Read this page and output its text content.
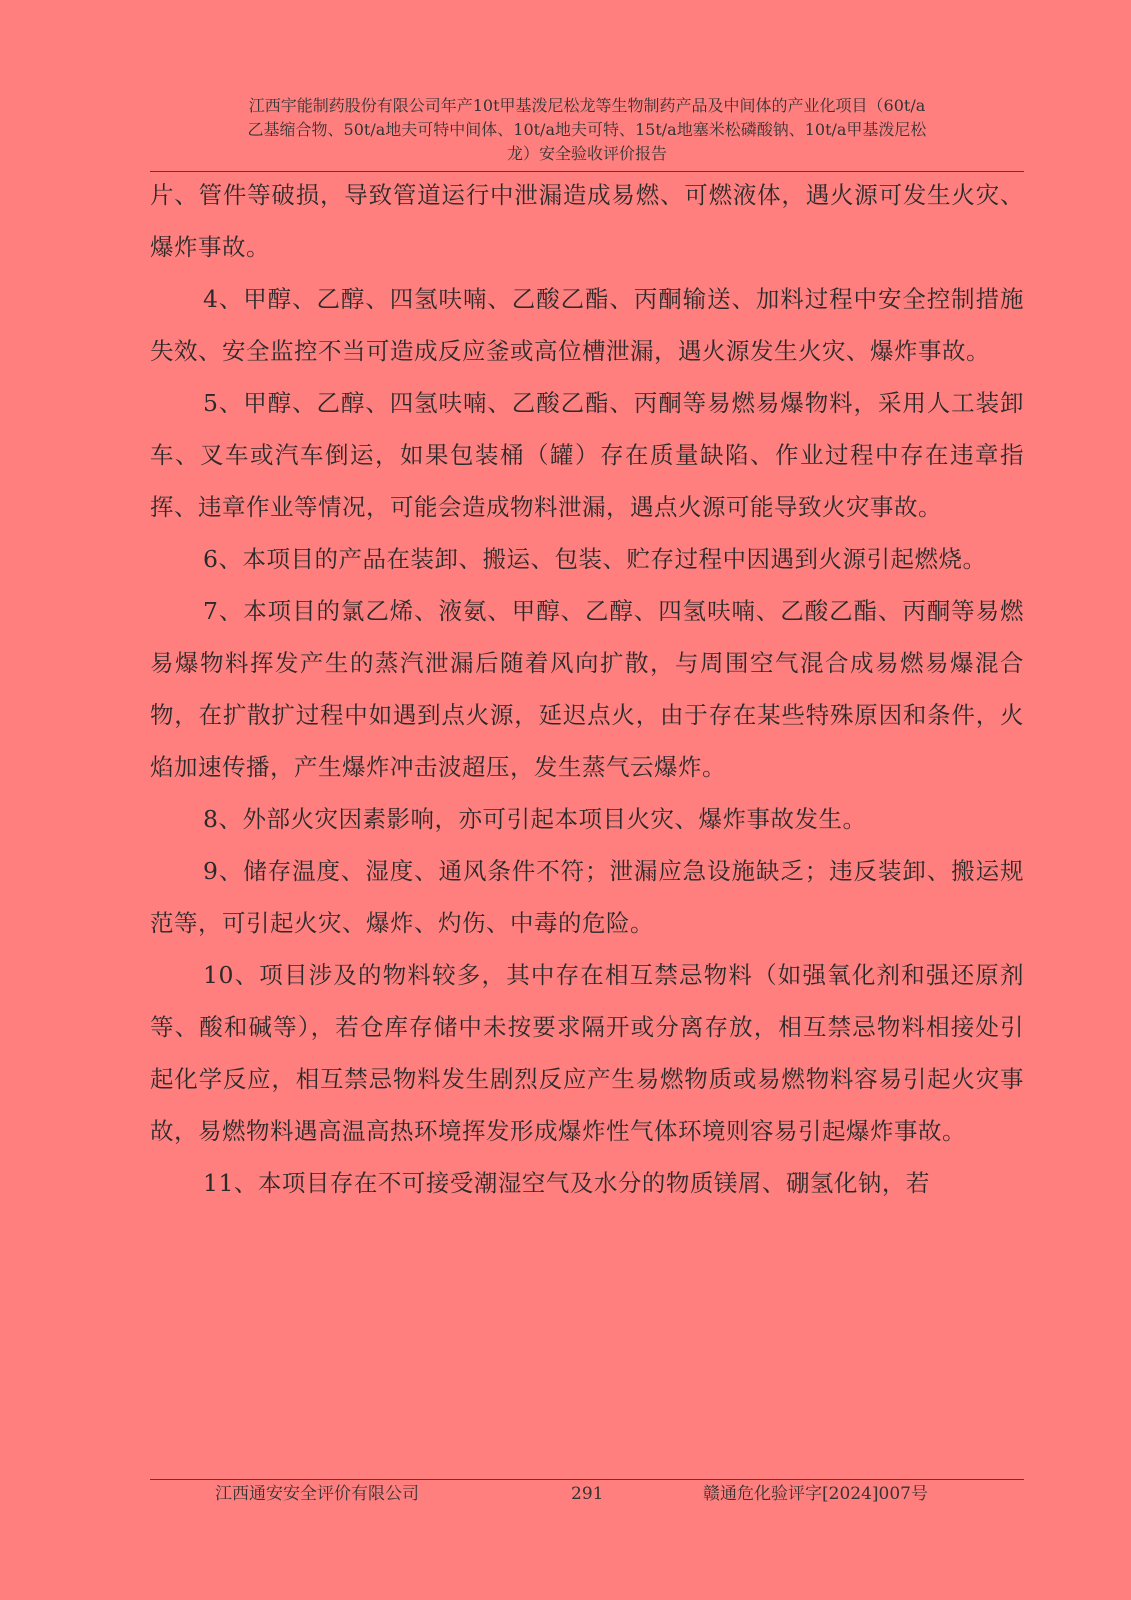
江西宇能制药股份有限公司年产10t甲基泼尼松龙等生物制药产品及中间体的产业化项目（60t/a
乙基缩合物、50t/a地夫可特中间体、10t/a地夫可特、15t/a地塞米松磷酸钠、10t/a甲基泼尼松
龙）安全验收评价报告

片、管件等破损，导致管道运行中泄漏造成易燃、可燃液体，遇火源可发生火灾、爆炸事故。

4、甲醇、乙醇、四氢呋喃、乙酸乙酯、丙酮输送、加料过程中安全控制措施失效、安全监控不当可造成反应釜或高位槽泄漏，遇火源发生火灾、爆炸事故。

5、甲醇、乙醇、四氢呋喃、乙酸乙酯、丙酮等易燃易爆物料，采用人工装卸车、叉车或汽车倒运，如果包装桶（罐）存在质量缺陷、作业过程中存在违章指挥、违章作业等情况，可能会造成物料泄漏，遇点火源可能导致火灾事故。

6、本项目的产品在装卸、搬运、包装、贮存过程中因遇到火源引起燃烧。

7、本项目的氯乙烯、液氨、甲醇、乙醇、四氢呋喃、乙酸乙酯、丙酮等易燃易爆物料挥发产生的蒸汽泄漏后随着风向扩散，与周围空气混合成易燃易爆混合物，在扩散扩过程中如遇到点火源，延迟点火，由于存在某些特殊原因和条件，火焰加速传播，产生爆炸冲击波超压，发生蒸气云爆炸。

8、外部火灾因素影响，亦可引起本项目火灾、爆炸事故发生。

9、储存温度、湿度、通风条件不符；泄漏应急设施缺乏；违反装卸、搬运规范等，可引起火灾、爆炸、灼伤、中毒的危险。

10、项目涉及的物料较多，其中存在相互禁忌物料（如强氧化剂和强还原剂等、酸和碱等），若仓库存储中未按要求隔开或分离存放，相互禁忌物料相接处引起化学反应，相互禁忌物料发生剧烈反应产生易燃物质或易燃物料容易引起火灾事故，易燃物料遇高温高热环境挥发形成爆炸性气体环境则容易引起爆炸事故。

11、本项目存在不可接受潮湿空气及水分的物质镁屑、硼氢化钠，若

江西通安安全评价有限公司	291	赣通危化验评字[2024]007号
